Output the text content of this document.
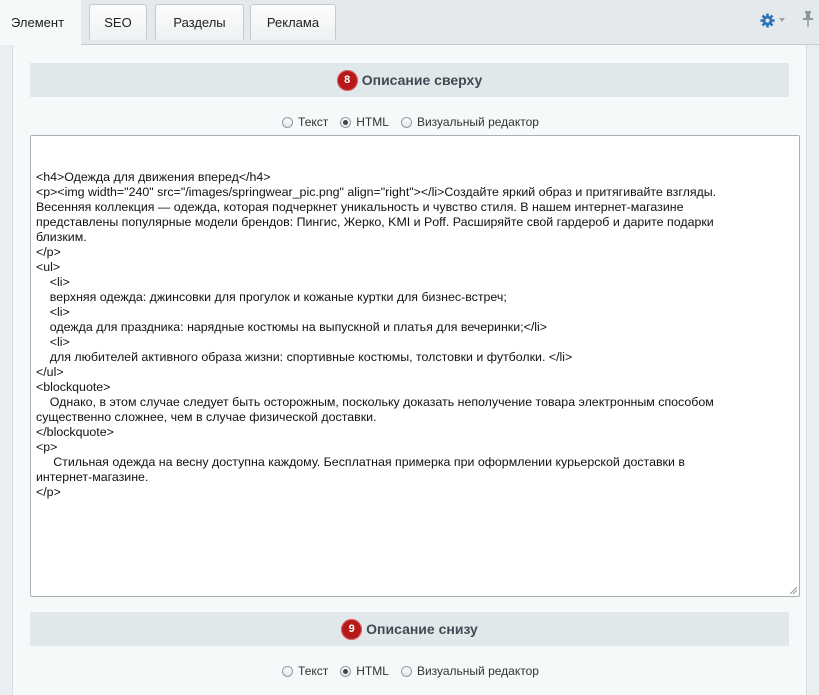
Элемент	SEO	Разделы	Реклама
8 Описание сверху
Текст HTML Визуальный редактор

<h4>Одежда для движения вперед</h4>
<p><img width="240" src="/images/springwear_pic.png" align="right"></li>Создайте яркий образ и притягивайте взгляды.
Весенняя коллекция — одежда, которая подчеркнет уникальность и чувство стиля. В нашем интернет-магазине
представлены популярные модели брендов: Пингис, Жерко, KMI и Poff. Расширяйте свой гардероб и дарите подарки
близким.
</p>
<ul>
	<li>
	верхняя одежда: джинсовки для прогулок и кожаные куртки для бизнес-встреч;
	<li>
	одежда для праздника: нарядные костюмы на выпускной и платья для вечеринки;</li>
	<li>
	для любителей активного образа жизни: спортивные костюмы, толстовки и футболки. </li>
</ul>
<blockquote>
	Однако, в этом случае следует быть осторожным, поскольку доказать неполучение товара электронным способом
существенно сложнее, чем в случае физической доставки.
</blockquote>
<p>
	Стильная одежда на весну доступна каждому. Бесплатная примерка при оформлении курьерской доставки в
интернет-магазине.
</p>

9 Описание снизу
Текст HTML Визуальный редактор
